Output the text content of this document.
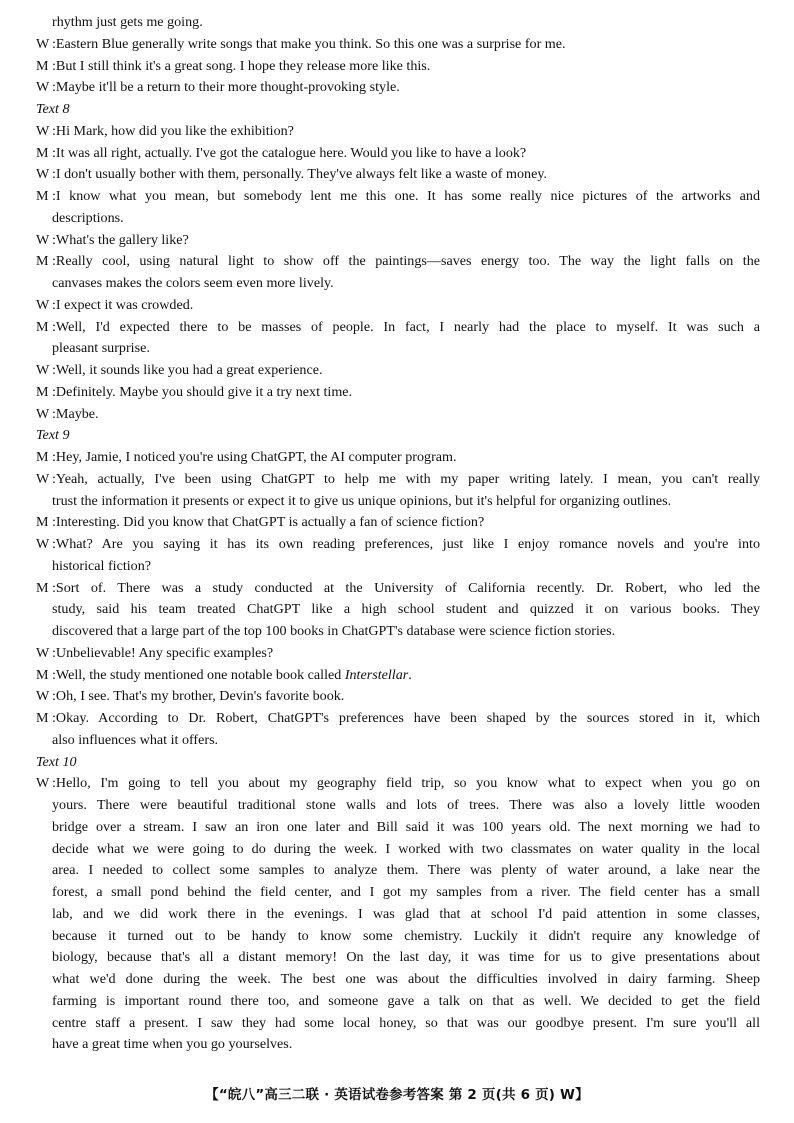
rhythm just gets me going.
W :Eastern Blue generally write songs that make you think. So this one was a surprise for me.
M :But I still think it's a great song. I hope they release more like this.
W :Maybe it'll be a return to their more thought-provoking style.
Text 8
W :Hi Mark, how did you like the exhibition?
M :It was all right, actually. I've got the catalogue here. Would you like to have a look?
W :I don't usually bother with them, personally. They've always felt like a waste of money.
M :I know what you mean, but somebody lent me this one. It has some really nice pictures of the artworks and
descriptions.
W :What's the gallery like?
M :Really cool, using natural light to show off the paintings—saves energy too. The way the light falls on the
canvases makes the colors seem even more lively.
W :I expect it was crowded.
M :Well, I'd expected there to be masses of people. In fact, I nearly had the place to myself. It was such a
pleasant surprise.
W :Well, it sounds like you had a great experience.
M :Definitely. Maybe you should give it a try next time.
W :Maybe.
Text 9
M :Hey, Jamie, I noticed you're using ChatGPT, the AI computer program.
W :Yeah, actually, I've been using ChatGPT to help me with my paper writing lately. I mean, you can't really
trust the information it presents or expect it to give us unique opinions, but it's helpful for organizing outlines.
M :Interesting. Did you know that ChatGPT is actually a fan of science fiction?
W :What? Are you saying it has its own reading preferences, just like I enjoy romance novels and you're into
historical fiction?
M :Sort of. There was a study conducted at the University of California recently. Dr. Robert, who led the
study, said his team treated ChatGPT like a high school student and quizzed it on various books. They
discovered that a large part of the top 100 books in ChatGPT's database were science fiction stories.
W :Unbelievable! Any specific examples?
M :Well, the study mentioned one notable book called Interstellar.
W :Oh, I see. That's my brother, Devin's favorite book.
M :Okay. According to Dr. Robert, ChatGPT's preferences have been shaped by the sources stored in it, which
also influences what it offers.
Text 10
W :Hello, I'm going to tell you about my geography field trip, so you know what to expect when you go on
yours. There were beautiful traditional stone walls and lots of trees. There was also a lovely little wooden
bridge over a stream. I saw an iron one later and Bill said it was 100 years old. The next morning we had to
decide what we were going to do during the week. I worked with two classmates on water quality in the local
area. I needed to collect some samples to analyze them. There was plenty of water around, a lake near the
forest, a small pond behind the field center, and I got my samples from a river. The field center has a small
lab, and we did work there in the evenings. I was glad that at school I'd paid attention in some classes,
because it turned out to be handy to know some chemistry. Luckily it didn't require any knowledge of
biology, because that's all a distant memory! On the last day, it was time for us to give presentations about
what we'd done during the week. The best one was about the difficulties involved in dairy farming. Sheep
farming is important round there too, and someone gave a talk on that as well. We decided to get the field
centre staff a present. I saw they had some local honey, so that was our goodbye present. I'm sure you'll all
have a great time when you go yourselves.
【“皖八”高三二联 · 英语试卷参考答案 第 2 页(共 6 页) W】
